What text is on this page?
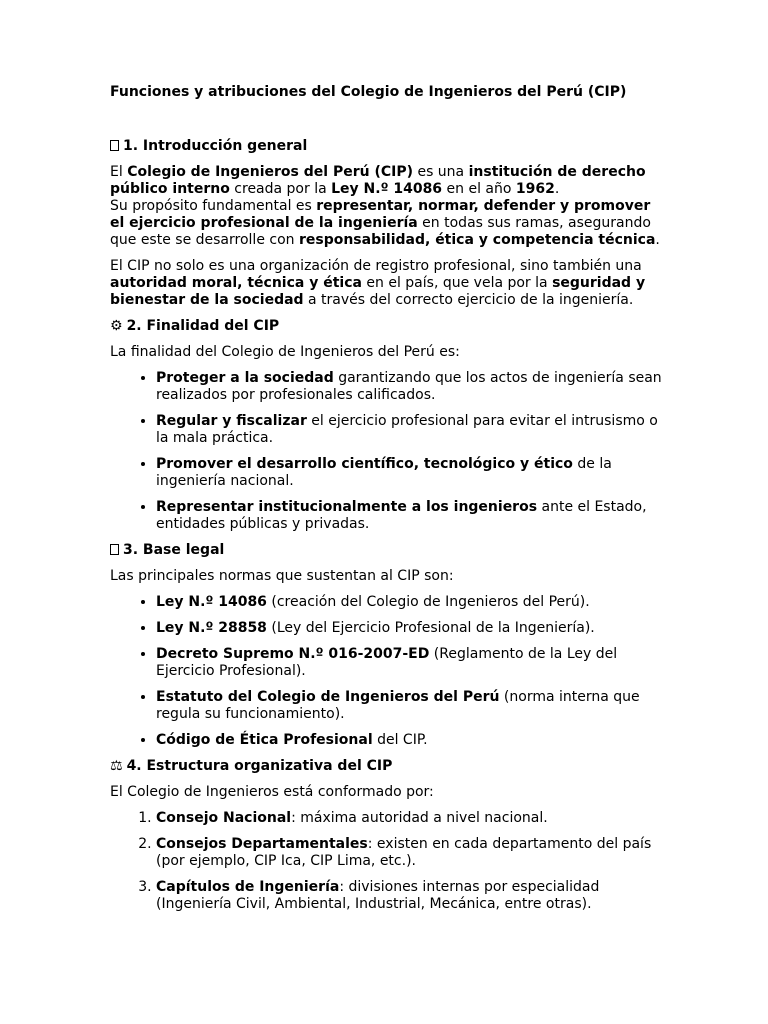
Funciones y atribuciones del Colegio de Ingenieros del Perú (CIP)

1. Introducción general

El Colegio de Ingenieros del Perú (CIP) es una institución de derecho público interno creada por la Ley N.º 14086 en el año 1962.

Su propósito fundamental es representar, normar, defender y promover el ejercicio profesional de la ingeniería en todas sus ramas, asegurando que este se desarrolle con responsabilidad, ética y competencia técnica.

El CIP no solo es una organización de registro profesional, sino también una autoridad moral, técnica y ética en el país, que vela por la seguridad y bienestar de la sociedad a través del correcto ejercicio de la ingeniería.

⚙ 2. Finalidad del CIP

La finalidad del Colegio de Ingenieros del Perú es:

• Proteger a la sociedad garantizando que los actos de ingeniería sean realizados por profesionales calificados.
• Regular y fiscalizar el ejercicio profesional para evitar el intrusismo o la mala práctica.
• Promover el desarrollo científico, tecnológico y ético de la ingeniería nacional.
• Representar institucionalmente a los ingenieros ante el Estado, entidades públicas y privadas.

3. Base legal

Las principales normas que sustentan al CIP son:

• Ley N.º 14086 (creación del Colegio de Ingenieros del Perú).
• Ley N.º 28858 (Ley del Ejercicio Profesional de la Ingeniería).
• Decreto Supremo N.º 016-2007-ED (Reglamento de la Ley del Ejercicio Profesional).
• Estatuto del Colegio de Ingenieros del Perú (norma interna que regula su funcionamiento).
• Código de Ética Profesional del CIP.

⚖ 4. Estructura organizativa del CIP

El Colegio de Ingenieros está conformado por:

1. Consejo Nacional: máxima autoridad a nivel nacional.
2. Consejos Departamentales: existen en cada departamento del país (por ejemplo, CIP Ica, CIP Lima, etc.).
3. Capítulos de Ingeniería: divisiones internas por especialidad (Ingeniería Civil, Ambiental, Industrial, Mecánica, entre otras).
